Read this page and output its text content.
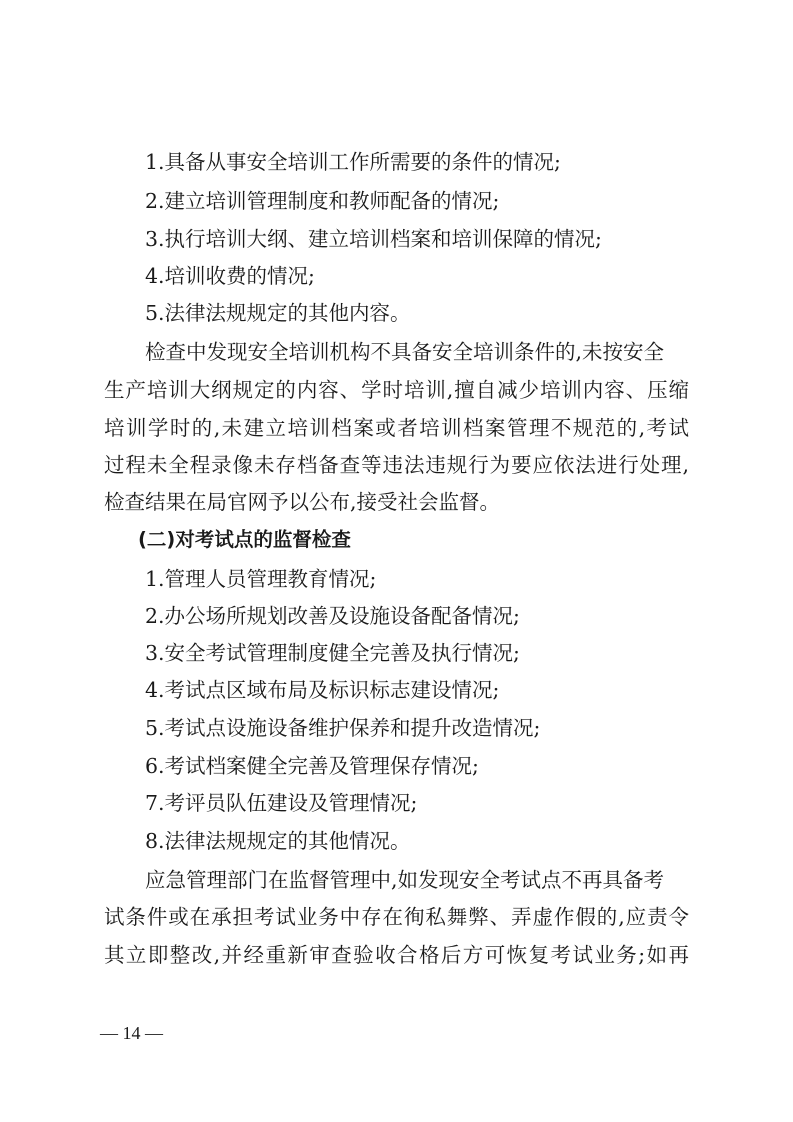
1.具备从事安全培训工作所需要的条件的情况;
2.建立培训管理制度和教师配备的情况;
3.执行培训大纲、建立培训档案和培训保障的情况;
4.培训收费的情况;
5.法律法规规定的其他内容。
检查中发现安全培训机构不具备安全培训条件的,未按安全
生产培训大纲规定的内容、学时培训,擅自减少培训内容、压缩
培训学时的,未建立培训档案或者培训档案管理不规范的,考试
过程未全程录像未存档备查等违法违规行为要应依法进行处理,
检查结果在局官网予以公布,接受社会监督。
(二)对考试点的监督检查
1.管理人员管理教育情况;
2.办公场所规划改善及设施设备配备情况;
3.安全考试管理制度健全完善及执行情况;
4.考试点区域布局及标识标志建设情况;
5.考试点设施设备维护保养和提升改造情况;
6.考试档案健全完善及管理保存情况;
7.考评员队伍建设及管理情况;
8.法律法规规定的其他情况。
应急管理部门在监督管理中,如发现安全考试点不再具备考
试条件或在承担考试业务中存在徇私舞弊、弄虚作假的,应责令
其立即整改,并经重新审查验收合格后方可恢复考试业务;如再
— 14 —
